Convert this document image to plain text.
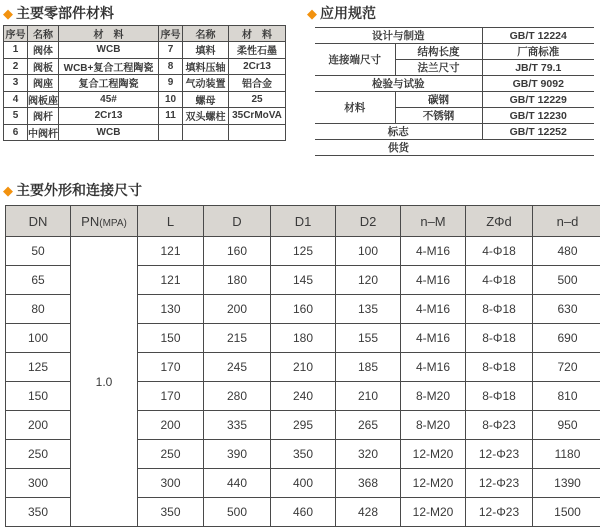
◆ 主要零部件材料
序号	名称	材　料	序号	名称	材　料
1	阀体	WCB	7	填料	柔性石墨
2	阀板	WCB+复合工程陶瓷	8	填料压轴	2Cr13
3	阀座	复合工程陶瓷	9	气动装置	铝合金
4	阀板座	45#	10	螺母	25
5	阀杆	2Cr13	11	双头螺柱	35CrMoVA
6	中阀杆	WCB			
◆ 应用规范
设计与制造		GB/T 12224
连接端尺寸	结构长度	厂商标准
	法兰尺寸	JB/T 79.1
检验与试验		GB/T 9092
材料	碳钢	GB/T 12229
	不锈钢	GB/T 12230
标志		GB/T 12252
供货		
◆ 主要外形和连接尺寸
DN	PN(MPA)	L	D	D1	D2	n–M	ZΦd	n–d
50	1.0	121	160	125	100	4-M16	4-Φ18	480
65		121	180	145	120	4-M16	4-Φ18	500
80		130	200	160	135	4-M16	8-Φ18	630
100		150	215	180	155	4-M16	8-Φ18	690
125		170	245	210	185	4-M16	8-Φ18	720
150		170	280	240	210	8-M20	8-Φ18	810
200		200	335	295	265	8-M20	8-Φ23	950
250		250	390	350	320	12-M20	12-Φ23	1180
300		300	440	400	368	12-M20	12-Φ23	1390
350		350	500	460	428	12-M20	12-Φ23	1500
